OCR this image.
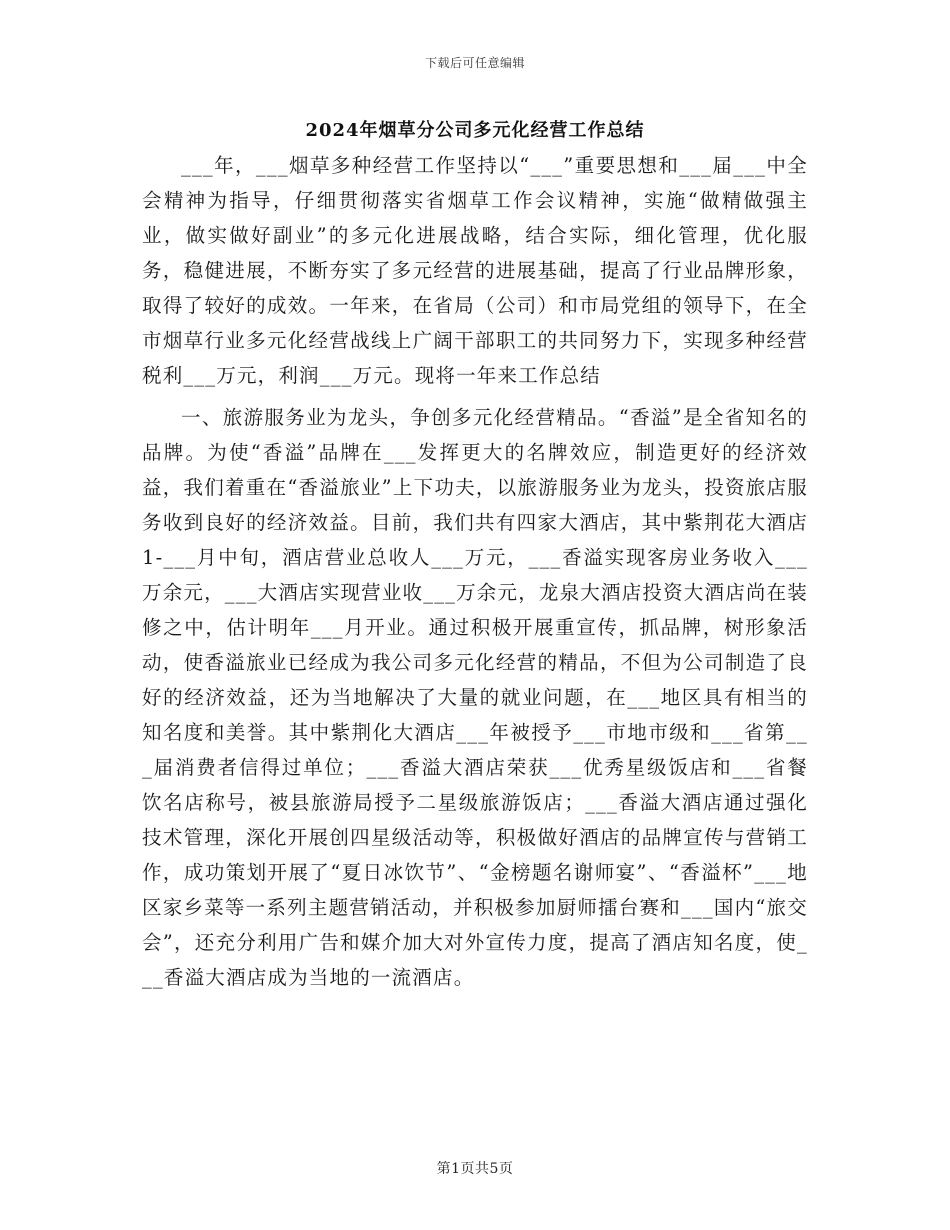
下载后可任意编辑
2024年烟草分公司多元化经营工作总结

___年，___烟草多种经营工作坚持以“___”重要思想和___届___中全会精神为指导，仔细贯彻落实省烟草工作会议精神，实施“做精做强主业，做实做好副业”的多元化进展战略，结合实际，细化管理，优化服务，稳健进展，不断夯实了多元经营的进展基础，提高了行业品牌形象，取得了较好的成效。一年来，在省局（公司）和市局党组的领导下，在全市烟草行业多元化经营战线上广阔干部职工的共同努力下，实现多种经营税利___万元，利润___万元。现将一年来工作总结

一、旅游服务业为龙头，争创多元化经营精品。“香溢”是全省知名的品牌。为使“香溢”品牌在___发挥更大的名牌效应，制造更好的经济效益，我们着重在“香溢旅业”上下功夫，以旅游服务业为龙头，投资旅店服务收到良好的经济效益。目前，我们共有四家大酒店，其中紫荆花大酒店1-___月中旬，酒店营业总收人___万元，___香溢实现客房业务收入___万余元，___大酒店实现营业收___万余元，龙泉大酒店投资大酒店尚在装修之中，估计明年___月开业。通过积极开展重宣传，抓品牌，树形象活动，使香溢旅业已经成为我公司多元化经营的精品，不但为公司制造了良好的经济效益，还为当地解决了大量的就业问题，在___地区具有相当的知名度和美誉。其中紫荆化大酒店___年被授予___市地市级和___省第___届消费者信得过单位；___香溢大酒店荣获___优秀星级饭店和___省餐饮名店称号，被县旅游局授予二星级旅游饭店；___香溢大酒店通过强化技术管理，深化开展创四星级活动等，积极做好酒店的品牌宣传与营销工作，成功策划开展了“夏日冰饮节”、“金榜题名谢师宴”、“香溢杯”___地区家乡菜等一系列主题营销活动，并积极参加厨师擂台赛和___国内“旅交会”，还充分利用广告和媒介加大对外宣传力度，提高了酒店知名度，使___香溢大酒店成为当地的一流酒店。

第1页共5页
